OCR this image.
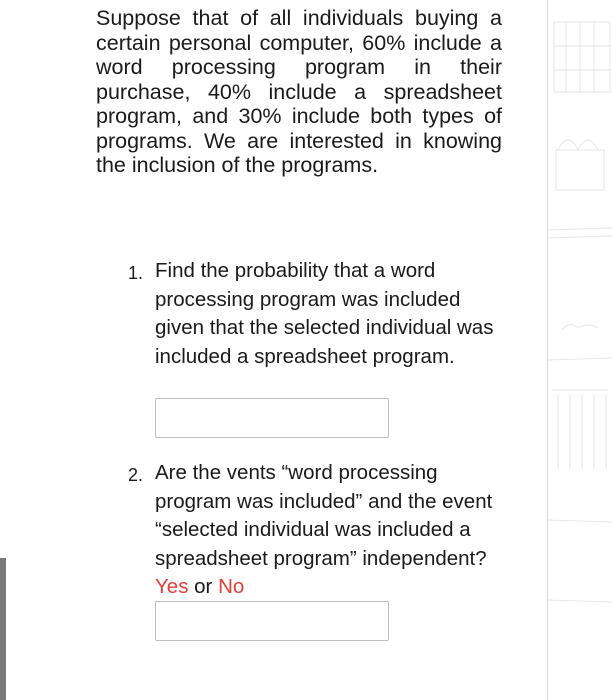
Suppose that of all individuals buying a certain personal computer, 60% include a word processing program in their purchase, 40% include a spreadsheet program, and 30% include both types of programs. We are interested in knowing the inclusion of the programs.

1. Find the probability that a word processing program was included given that the selected individual was included a spreadsheet program.

2. Are the vents “word processing program was included” and the event “selected individual was included a spreadsheet program” independent? Yes or No
